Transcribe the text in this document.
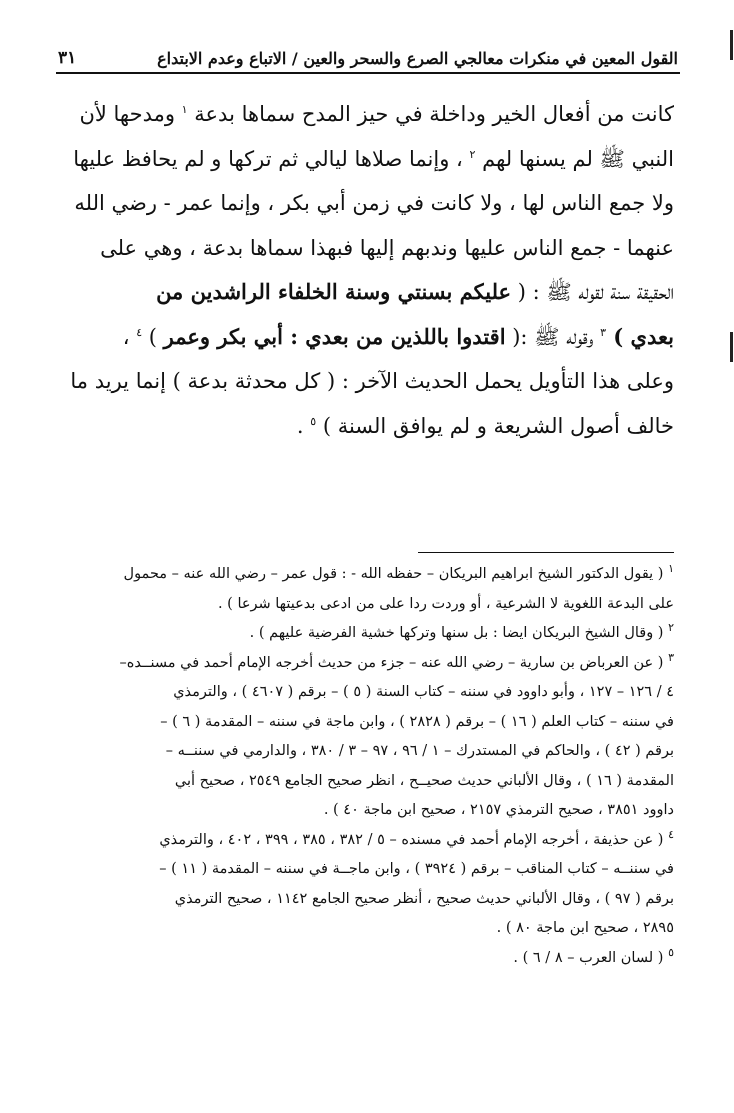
القول المعين في منكرات معالجي الصرع والسحر والعين / الاتباع وعدم الابتداع
٣١
كانت من أفعال الخير وداخلة في حيز المدح سماها بدعة $^١$ ومدحها لأن
النبي ﷺ لم يسنها لهم $^٢$ ، وإنما صلاها ليالي ثم تركها و لم يحافظ عليها
ولا جمع الناس لها ، ولا كانت في زمن أبي بكر ، وإنما عمر - رضي الله
عنهما - جمع الناس عليها وندبهم إليها فبهذا سماها بدعة ، وهي على
الحقيقة سنة لقوله ﷺ : ( عليكم بسنتي وسنة الخلفاء الراشدين من
بعدي ) $^٣$ وقوله ﷺ :( اقتدوا باللذين من بعدي : أبي بكر وعمر ) $^٤$ ،
وعلى هذا التأويل يحمل الحديث الآخر : ( كل محدثة بدعة ) إنما يريد ما
خالف أصول الشريعة و لم يوافق السنة ) $^٥$ .
$^١$ ( يقول الدكتور الشيخ ابراهيم البريكان – حفظه الله - : قول عمر – رضي الله عنه – محمول
على البدعة اللغوية لا الشرعية ، أو وردت ردا على من ادعى بدعيتها شرعا ) .
$^٢$ ( وقال الشيخ البريكان ايضا : بل سنها وتركها خشية الفرضية عليهم ) .
$^٣$ ( عن العرباض بن سارية – رضي الله عنه – جزء من حديث أخرجه الإمام أحمد في مسنــده–
٤ / ١٢٦ – ١٢٧ ، وأبو داوود في سننه – كتاب السنة ( ٥ ) – برقم ( ٤٦٠٧ ) ، والترمذي
في سننه – كتاب العلم ( ١٦ ) – برقم ( ٢٨٢٨ ) ، وابن ماجة في سننه – المقدمة ( ٦ ) –
برقم ( ٤٢ ) ، والحاكم في المستدرك – ١ / ٩٦ ، ٩٧ – ٣ / ٣٨٠ ، والدارمي في سننــه –
المقدمة ( ١٦ ) ، وقال الألباني حديث صحيــح ، انظر صحيح الجامع ٢٥٤٩ ، صحيح أبي
داوود ٣٨٥١ ، صحيح الترمذي ٢١٥٧ ، صحيح ابن ماجة ٤٠ ) .
$^٤$ ( عن حذيفة ، أخرجه الإمام أحمد في مسنده – ٥ / ٣٨٢ ، ٣٨٥ ، ٣٩٩ ، ٤٠٢ ، والترمذي
في سننــه – كتاب المناقب – برقم ( ٣٩٢٤ ) ، وابن ماجــة في سننه – المقدمة ( ١١ ) –
برقم ( ٩٧ ) ، وقال الألباني حديث صحيح ، أنظر صحيح الجامع ١١٤٢ ، صحيح الترمذي
٢٨٩٥ ، صحيح ابن ماجة ٨٠ ) .
$^٥$ ( لسان العرب – ٨ / ٦ ) .
